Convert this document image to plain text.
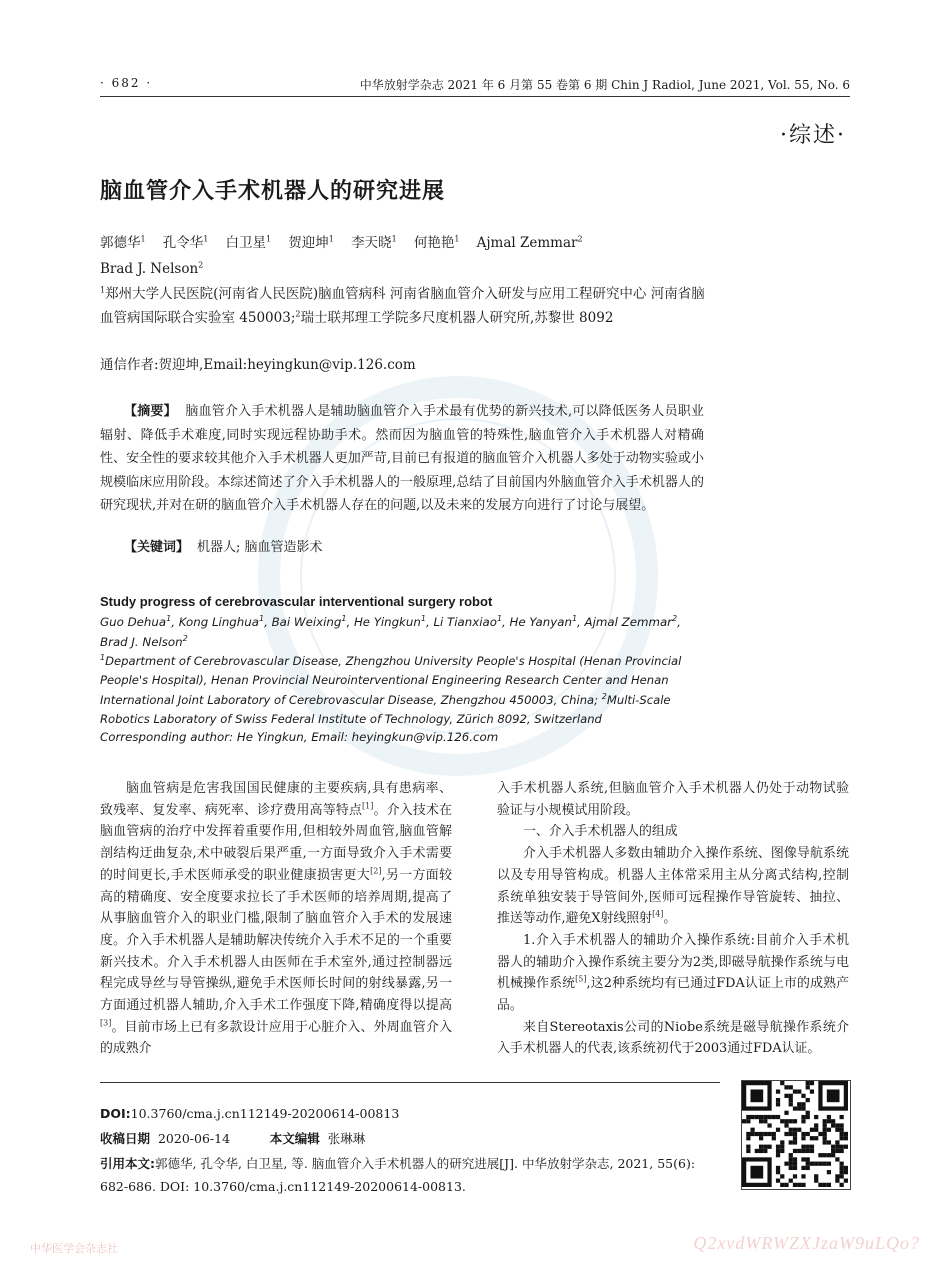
· 682 ·	中华放射学杂志 2021 年 6 月第 55 卷第 6 期 Chin J Radiol, June 2021, Vol. 55, No. 6
·综述·
脑血管介入手术机器人的研究进展
郭德华$^1$ 孔令华$^1$ 白卫星$^1$ 贺迎坤$^1$ 李天晓$^1$ 何艳艳$^1$ Ajmal Zemmar$^2$
Brad J. Nelson$^2$
$^1$郑州大学人民医院(河南省人民医院)脑血管病科 河南省脑血管介入研发与应用工程研究中心 河南省脑血管病国际联合实验室 450003;$^2$瑞士联邦理工学院多尺度机器人研究所,苏黎世 8092
通信作者:贺迎坤,Email:heyingkun@vip.126.com
【摘要】 脑血管介入手术机器人是辅助脑血管介入手术最有优势的新兴技术,可以降低医务人员职业辐射、降低手术难度,同时实现远程协助手术。然而因为脑血管的特殊性,脑血管介入手术机器人对精确性、安全性的要求较其他介入手术机器人更加严苛,目前已有报道的脑血管介入机器人多处于动物实验或小规模临床应用阶段。本综述简述了介入手术机器人的一般原理,总结了目前国内外脑血管介入手术机器人的研究现状,并对在研的脑血管介入手术机器人存在的问题,以及未来的发展方向进行了讨论与展望。
【关键词】 机器人; 脑血管造影术
Study progress of cerebrovascular interventional surgery robot
Guo Dehua$^1$, Kong Linghua$^1$, Bai Weixing$^1$, He Yingkun$^1$, Li Tianxiao$^1$, He Yanyan$^1$, Ajmal Zemmar$^2$,
Brad J. Nelson$^2$
$^1$Department of Cerebrovascular Disease, Zhengzhou University People's Hospital (Henan Provincial People's Hospital), Henan Provincial Neurointerventional Engineering Research Center and Henan International Joint Laboratory of Cerebrovascular Disease, Zhengzhou 450003, China; $^2$Multi-Scale Robotics Laboratory of Swiss Federal Institute of Technology, Zürich 8092, Switzerland
Corresponding author: He Yingkun, Email: heyingkun@vip.126.com

脑血管病是危害我国国民健康的主要疾病,具有患病率、致残率、复发率、病死率、诊疗费用高等特点[1]。介入技术在脑血管病的治疗中发挥着重要作用,但相较外周血管,脑血管解剖结构迂曲复杂,术中破裂后果严重,一方面导致介入手术需要的时间更长,手术医师承受的职业健康损害更大[2],另一方面较高的精确度、安全度要求拉长了手术医师的培养周期,提高了从事脑血管介入的职业门槛,限制了脑血管介入手术的发展速度。介入手术机器人是辅助解决传统介入手术不足的一个重要新兴技术。介入手术机器人由医师在手术室外,通过控制器远程完成导丝与导管操纵,避免手术医师长时间的射线暴露,另一方面通过机器人辅助,介入手术工作强度下降,精确度得以提高[3]。目前市场上已有多款设计应用于心脏介入、外周血管介入的成熟介

入手术机器人系统,但脑血管介入手术机器人仍处于动物试验验证与小规模试用阶段。

一、介入手术机器人的组成

介入手术机器人多数由辅助介入操作系统、图像导航系统以及专用导管构成。机器人主体常采用主从分离式结构,控制系统单独安装于导管间外,医师可远程操作导管旋转、抽拉、推送等动作,避免X射线照射[4]。

1.介入手术机器人的辅助介入操作系统:目前介入手术机器人的辅助介入操作系统主要分为2类,即磁导航操作系统与电机械操作系统[5],这2种系统均有已通过FDA认证上市的成熟产品。

来自Stereotaxis公司的Niobe系统是磁导航操作系统介入手术机器人的代表,该系统初代于2003通过FDA认证。

DOI:10.3760/cma.j.cn112149-20200614-00813
收稿日期 2020-06-14	本文编辑 张琳琳
引用本文:郭德华, 孔令华, 白卫星, 等. 脑血管介入手术机器人的研究进展[J]. 中华放射学杂志, 2021, 55(6): 682-686. DOI: 10.3760/cma.j.cn112149-20200614-00813.
中华医学会杂志社	Q2xvdWRWZXJzaW9uLQo?
